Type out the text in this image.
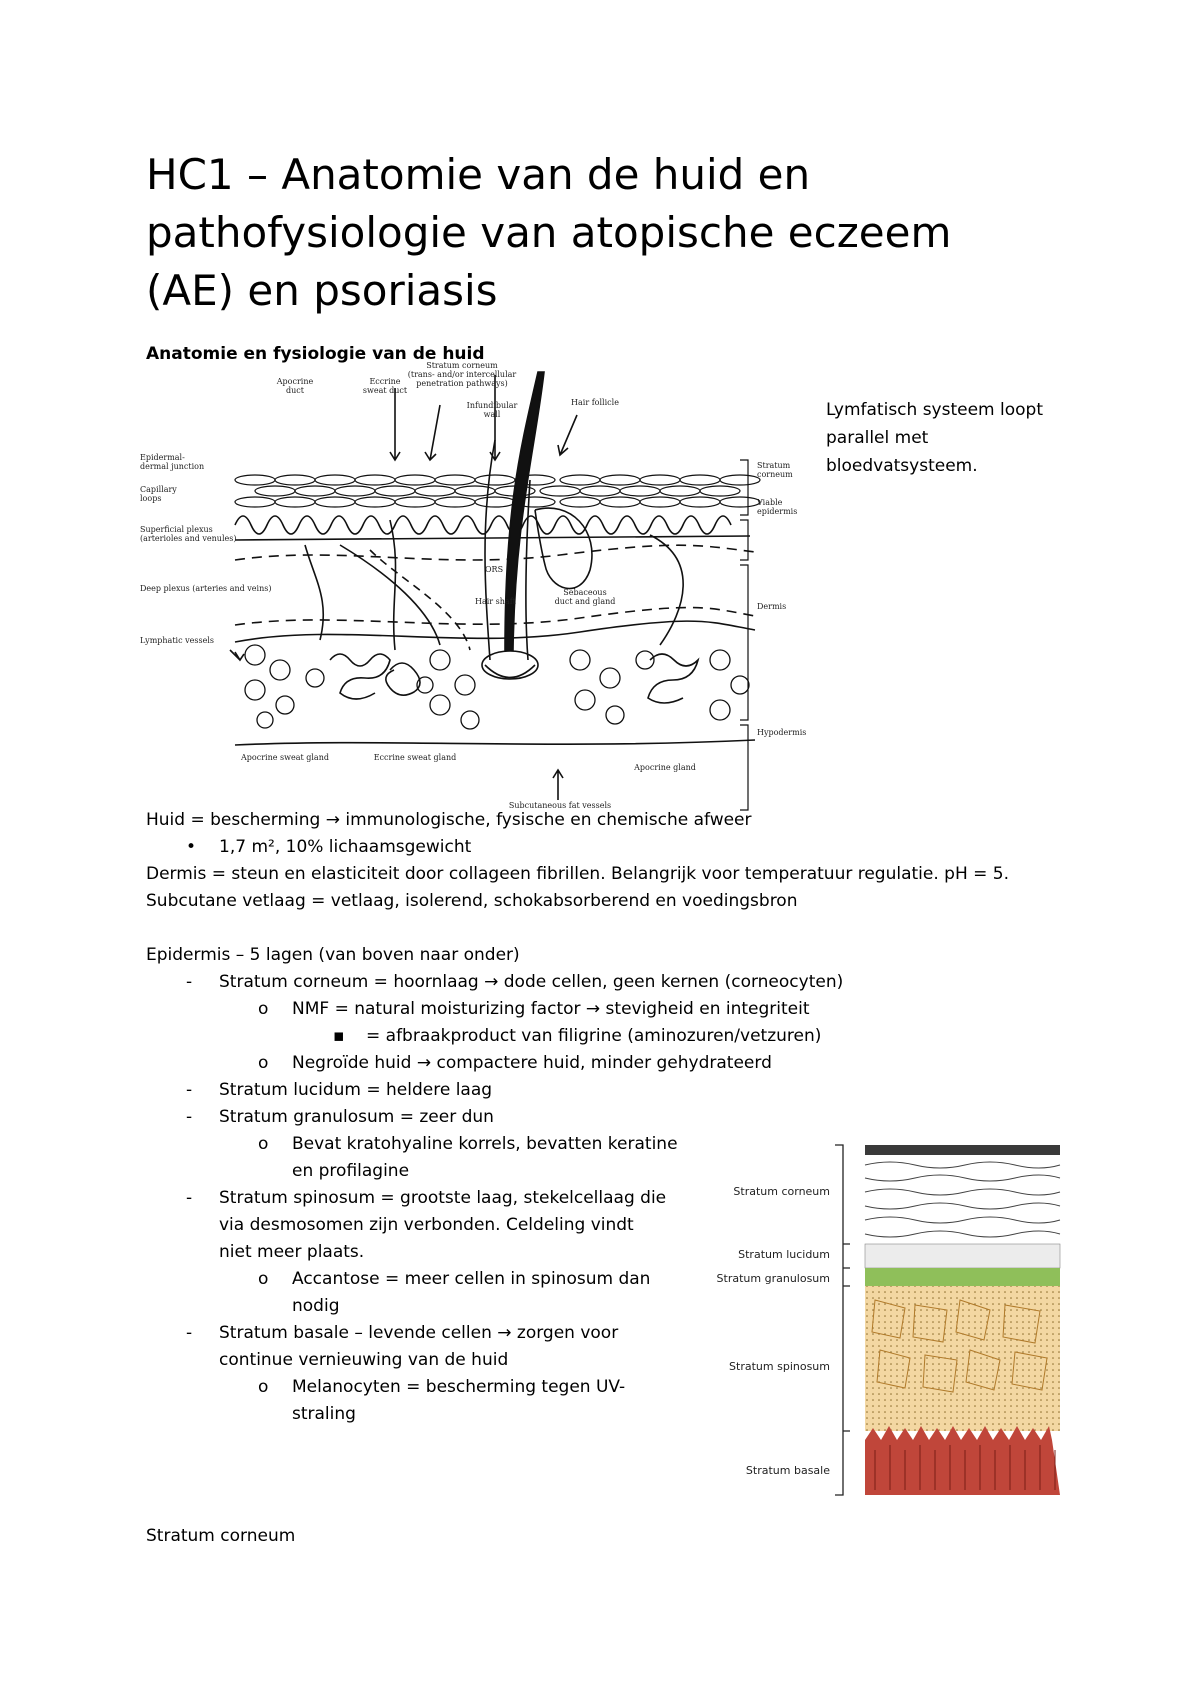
HC1 – Anatomie van de huid en
pathofysiologie van atopische eczeem
(AE) en psoriasis
Anatomie en fysiologie van de huid
Lymfatisch systeem loopt
parallel met
bloedvatsysteem.
Stratum corneum
(trans- and/or intercellular
penetration pathways)
Apocrine
duct
Eccrine
sweat duct
Infundibular
wall
Hair follicle
Epidermal-
dermal junction
Capillary
loops
Superficial plexus
(arterioles and venules)
Deep plexus (arteries and veins)
Lymphatic vessels
ORS
Hair shaft
Sebaceous
duct and gland
Apocrine sweat gland	Eccrine sweat gland
Subcutaneous fat vessels
Apocrine gland
Stratum
corneum
Viable
epidermis
Dermis
Hypodermis
Huid = bescherming → immunologische, fysische en chemische afweer
• 1,7 m², 10% lichaamsgewicht
Dermis = steun en elasticiteit door collageen fibrillen. Belangrijk voor temperatuur regulatie. pH = 5.
Subcutane vetlaag = vetlaag, isolerend, schokabsorberend en voedingsbron
Epidermis – 5 lagen (van boven naar onder)
- Stratum corneum = hoornlaag → dode cellen, geen kernen (corneocyten)
o NMF = natural moisturizing factor → stevigheid en integriteit
▪ = afbraakproduct van filigrine (aminozuren/vetzuren)
o Negroïde huid → compactere huid, minder gehydrateerd
- Stratum lucidum = heldere laag
- Stratum granulosum = zeer dun
o Bevat kratohyaline korrels, bevatten keratine
en profilagine
- Stratum spinosum = grootste laag, stekelcellaag die
via desmosomen zijn verbonden. Celdeling vindt
niet meer plaats.
o Accantose = meer cellen in spinosum dan
nodig
- Stratum basale – levende cellen → zorgen voor
continue vernieuwing van de huid
o Melanocyten = bescherming tegen UV-
straling
Stratum corneum
Stratum corneum
Stratum lucidum
Stratum granulosum
Stratum spinosum
Stratum basale
